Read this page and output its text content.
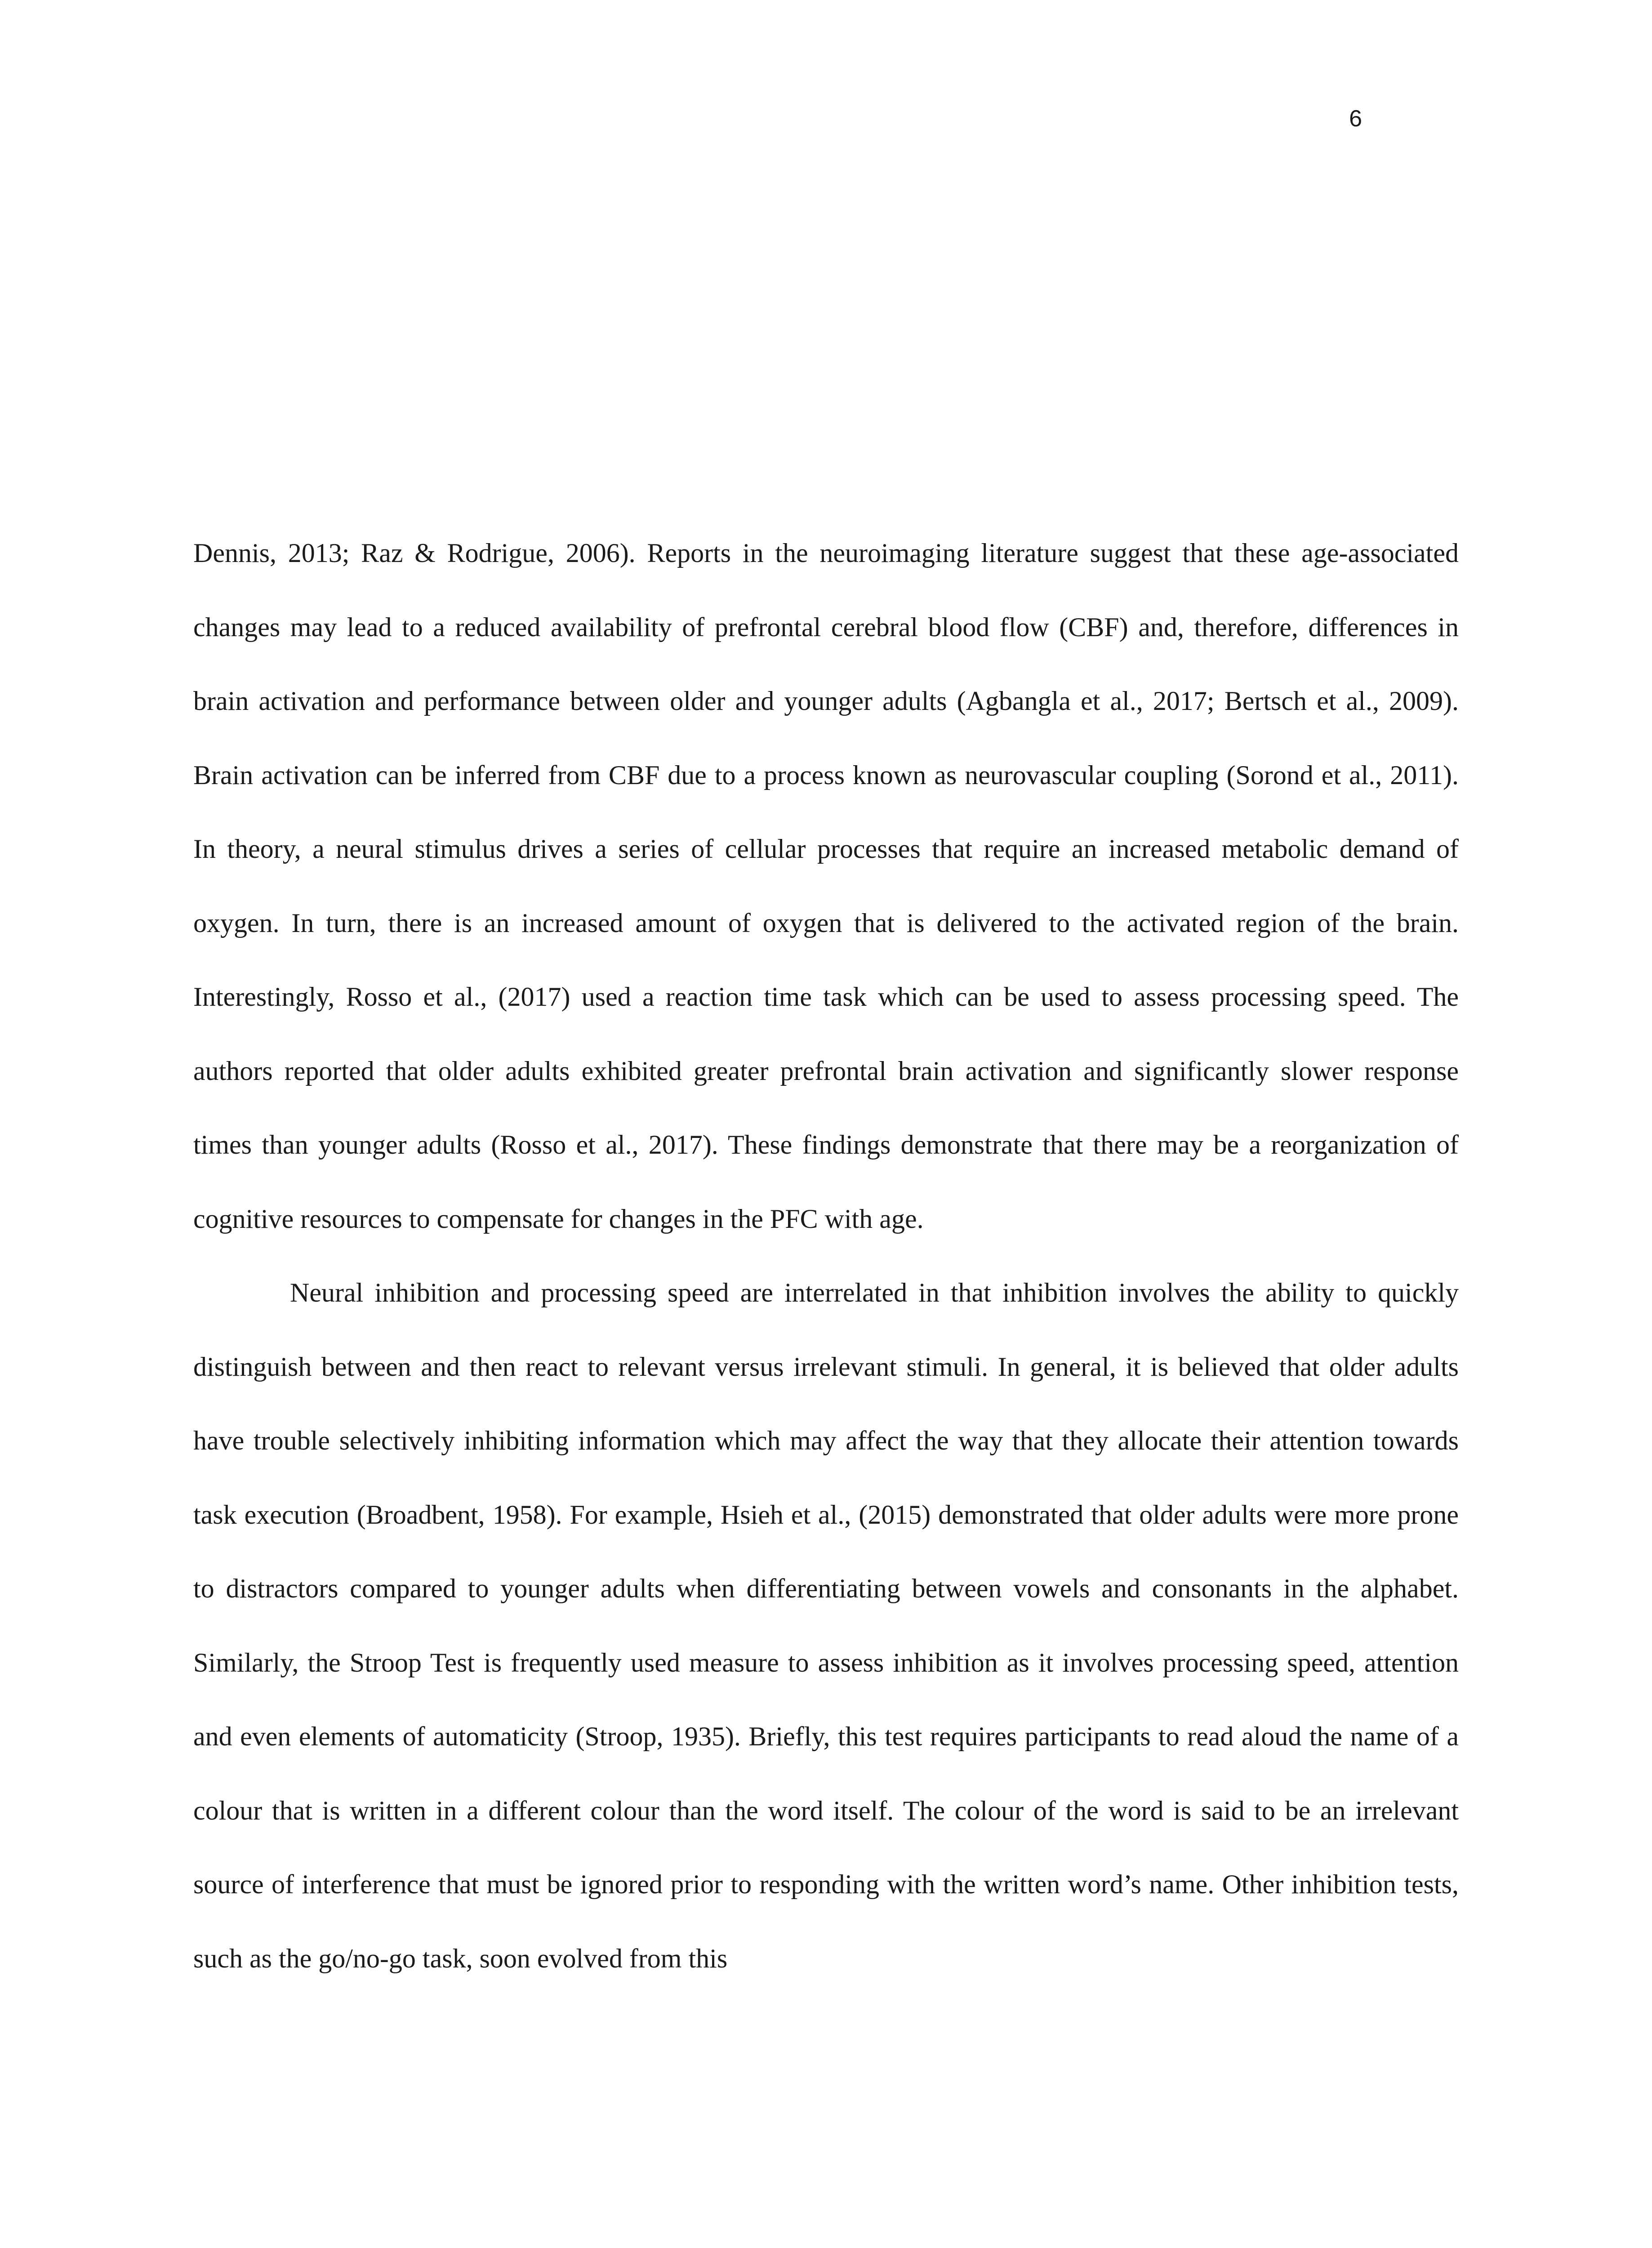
6

Dennis, 2013; Raz & Rodrigue, 2006). Reports in the neuroimaging literature suggest that these age-associated changes may lead to a reduced availability of prefrontal cerebral blood flow (CBF) and, therefore, differences in brain activation and performance between older and younger adults (Agbangla et al., 2017; Bertsch et al., 2009). Brain activation can be inferred from CBF due to a process known as neurovascular coupling (Sorond et al., 2011). In theory, a neural stimulus drives a series of cellular processes that require an increased metabolic demand of oxygen. In turn, there is an increased amount of oxygen that is delivered to the activated region of the brain. Interestingly, Rosso et al., (2017) used a reaction time task which can be used to assess processing speed. The authors reported that older adults exhibited greater prefrontal brain activation and significantly slower response times than younger adults (Rosso et al., 2017). These findings demonstrate that there may be a reorganization of cognitive resources to compensate for changes in the PFC with age.

Neural inhibition and processing speed are interrelated in that inhibition involves the ability to quickly distinguish between and then react to relevant versus irrelevant stimuli. In general, it is believed that older adults have trouble selectively inhibiting information which may affect the way that they allocate their attention towards task execution (Broadbent, 1958). For example, Hsieh et al., (2015) demonstrated that older adults were more prone to distractors compared to younger adults when differentiating between vowels and consonants in the alphabet. Similarly, the Stroop Test is frequently used measure to assess inhibition as it involves processing speed, attention and even elements of automaticity (Stroop, 1935). Briefly, this test requires participants to read aloud the name of a colour that is written in a different colour than the word itself. The colour of the word is said to be an irrelevant source of interference that must be ignored prior to responding with the written word’s name. Other inhibition tests, such as the go/no-go task, soon evolved from this
